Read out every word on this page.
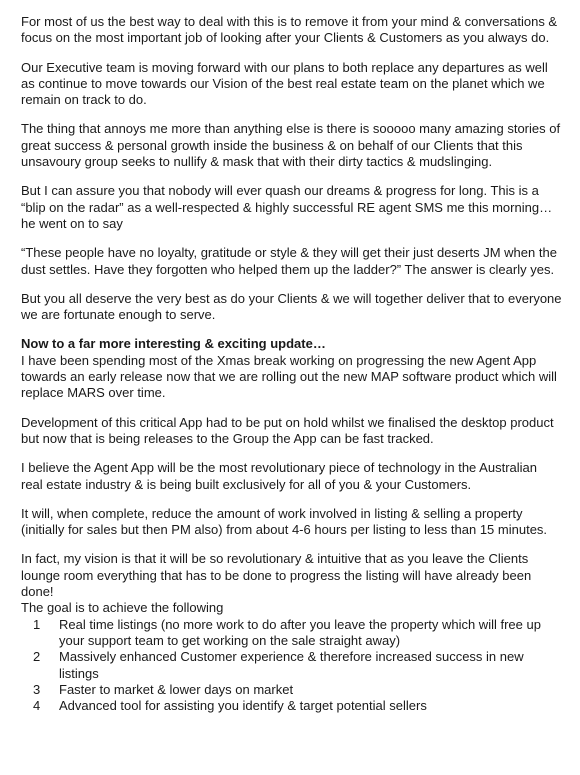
For most of us the best way to deal with this is to remove it from your mind & conversations & focus on the most important job of looking after your Clients & Customers as you always do.

Our Executive team is moving forward with our plans to both replace any departures as well as continue to move towards our Vision of the best real estate team on the planet which we remain on track to do.

The thing that annoys me more than anything else is there is sooooo many amazing stories of great success & personal growth inside the business & on behalf of our Clients that this unsavoury group seeks to nullify & mask that with their dirty tactics & mudslinging.

But I can assure you that nobody will ever quash our dreams & progress for long. This is a “blip on the radar” as a well-respected & highly successful RE agent SMS me this morning…he went on to say

“These people have no loyalty, gratitude or style & they will get their just deserts JM when the dust settles. Have they forgotten who helped them up the ladder?” The answer is clearly yes.

But you all deserve the very best as do your Clients & we will together deliver that to everyone we are fortunate enough to serve.

Now to a far more interesting & exciting update…

I have been spending most of the Xmas break working on progressing the new Agent App towards an early release now that we are rolling out the new MAP software product which will replace MARS over time.

Development of this critical App had to be put on hold whilst we finalised the desktop product but now that is being releases to the Group the App can be fast tracked.

I believe the Agent App will be the most revolutionary piece of technology in the Australian real estate industry & is being built exclusively for all of you & your Customers.

It will, when complete, reduce the amount of work involved in listing & selling a property (initially for sales but then PM also) from about 4-6 hours per listing to less than 15 minutes.

In fact, my vision is that it will be so revolutionary & intuitive that as you leave the Clients lounge room everything that has to be done to progress the listing will have already been done!

The goal is to achieve the following

1	Real time listings (no more work to do after you leave the property which will free up your support team to get working on the sale straight away)
2	Massively enhanced Customer experience & therefore increased success in new listings
3	Faster to market & lower days on market
4	Advanced tool for assisting you identify & target potential sellers
